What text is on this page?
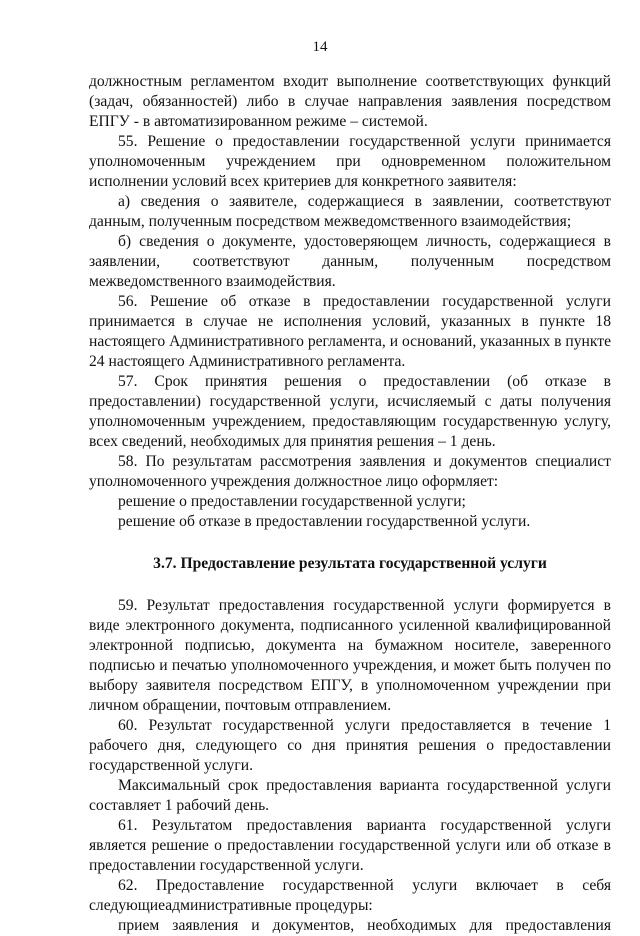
14

должностным регламентом входит выполнение соответствующих функций (задач, обязанностей) либо в случае направления заявления посредством ЕПГУ - в автоматизированном режиме – системой.

55. Решение о предоставлении государственной услуги принимается уполномоченным учреждением при одновременном положительном исполнении условий всех критериев для конкретного заявителя:

а) сведения о заявителе, содержащиеся в заявлении, соответствуют данным, полученным посредством межведомственного взаимодействия;

б) сведения о документе, удостоверяющем личность, содержащиеся в заявлении, соответствуют данным, полученным посредством межведомственного взаимодействия.

56. Решение об отказе в предоставлении государственной услуги принимается в случае не исполнения условий, указанных в пункте 18 настоящего Административного регламента, и оснований, указанных в пункте 24 настоящего Административного регламента.

57. Срок принятия решения о предоставлении (об отказе в предоставлении) государственной услуги, исчисляемый с даты получения уполномоченным учреждением, предоставляющим государственную услугу, всех сведений, необходимых для принятия решения – 1 день.

58. По результатам рассмотрения заявления и документов специалист уполномоченного учреждения должностное лицо оформляет:

решение о предоставлении государственной услуги;

решение об отказе в предоставлении государственной услуги.

3.7. Предоставление результата государственной услуги

59. Результат предоставления государственной услуги формируется в виде электронного документа, подписанного усиленной квалифицированной электронной подписью, документа на бумажном носителе, заверенного подписью и печатью уполномоченного учреждения, и может быть получен по выбору заявителя посредством ЕПГУ, в уполномоченном учреждении при личном обращении, почтовым отправлением.

60. Результат государственной услуги предоставляется в течение 1 рабочего дня, следующего со дня принятия решения о предоставлении государственной услуги.

Максимальный срок предоставления варианта государственной услуги составляет 1 рабочий день.

61. Результатом предоставления варианта государственной услуги является решение о предоставлении государственной услуги или об отказе в предоставлении государственной услуги.

62. Предоставление государственной услуги включает в себя следующиеадминистративные процедуры:

прием заявления и документов, необходимых для предоставления
